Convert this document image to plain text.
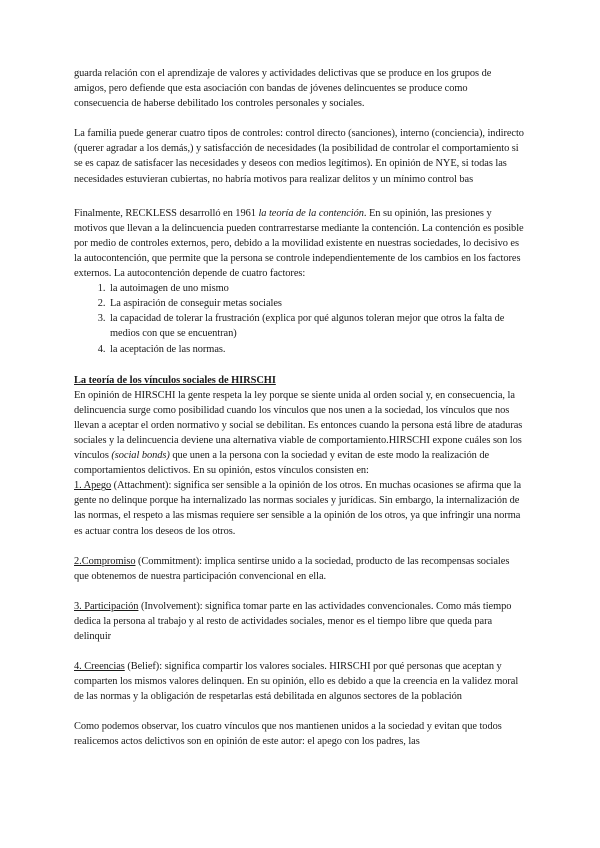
guarda relación con el aprendizaje de valores y actividades delictivas que se produce en los grupos de amigos, pero defiende que esta asociación con bandas de jóvenes delincuentes se produce como consecuencia de haberse debilitado los controles personales y sociales.

La familia puede generar cuatro tipos de controles: control directo (sanciones), interno (conciencia), indirecto (querer agradar a los demás,) y satisfacción de necesidades (la posibilidad de controlar el comportamiento si se es capaz de satisfacer las necesidades y deseos con medios legítimos). En opinión de NYE, si todas las necesidades estuvieran cubiertas, no habría motivos para realizar delitos y un mínimo control bas

Finalmente, RECKLESS desarrolló en 1961 la teoría de la contención. En su opinión, las presiones y motivos que llevan a la delincuencia pueden contrarrestarse mediante la contención. La contención es posible por medio de controles externos, pero, debido a la movilidad existente en nuestras sociedades, lo decisivo es la autocontención, que permite que la persona se controle independientemente de los cambios en los factores externos. La autocontención depende de cuatro factores:

1. la autoimagen de uno mismo
2. La aspiración de conseguir metas sociales
3. la capacidad de tolerar la frustración (explica por qué algunos toleran mejor que otros la falta de medios con que se encuentran)
4. la aceptación de las normas.

La teoría de los vínculos sociales de HIRSCHI

En opinión de HIRSCHI la gente respeta la ley porque se siente unida al orden social y, en consecuencia, la delincuencia surge como posibilidad cuando los vínculos que nos unen a la sociedad, los vínculos que nos llevan a aceptar el orden normativo y social se debilitan. Es entonces cuando la persona está libre de ataduras sociales y la delincuencia deviene una alternativa viable de comportamiento.HIRSCHI expone cuáles son los vínculos (social bonds) que unen a la persona con la sociedad y evitan de este modo la realización de comportamientos delictivos. En su opinión, estos vínculos consisten en:

1. Apego (Attachment): significa ser sensible a la opinión de los otros. En muchas ocasiones se afirma que la gente no delinque porque ha internalizado las normas sociales y jurídicas. Sin embargo, la internalización de las normas, el respeto a las mismas requiere ser sensible a la opinión de los otros, ya que infringir una norma es actuar contra los deseos de los otros.

2.Compromiso (Commitment): implica sentirse unido a la sociedad, producto de las recompensas sociales que obtenemos de nuestra participación convencional en ella.

3. Participación (Involvement): significa tomar parte en las actividades convencionales. Como más tiempo dedica la persona al trabajo y al resto de actividades sociales, menor es el tiempo libre que queda para delinquir

4. Creencias (Belief): significa compartir los valores sociales. HIRSCHI por qué personas que aceptan y comparten los mismos valores delinquen. En su opinión, ello es debido a que la creencia en la validez moral de las normas y la obligación de respetarlas está debilitada en algunos sectores de la población

Como podemos observar, los cuatro vínculos que nos mantienen unidos a la sociedad y evitan que todos realicemos actos delictivos son en opinión de este autor: el apego con los padres, las
